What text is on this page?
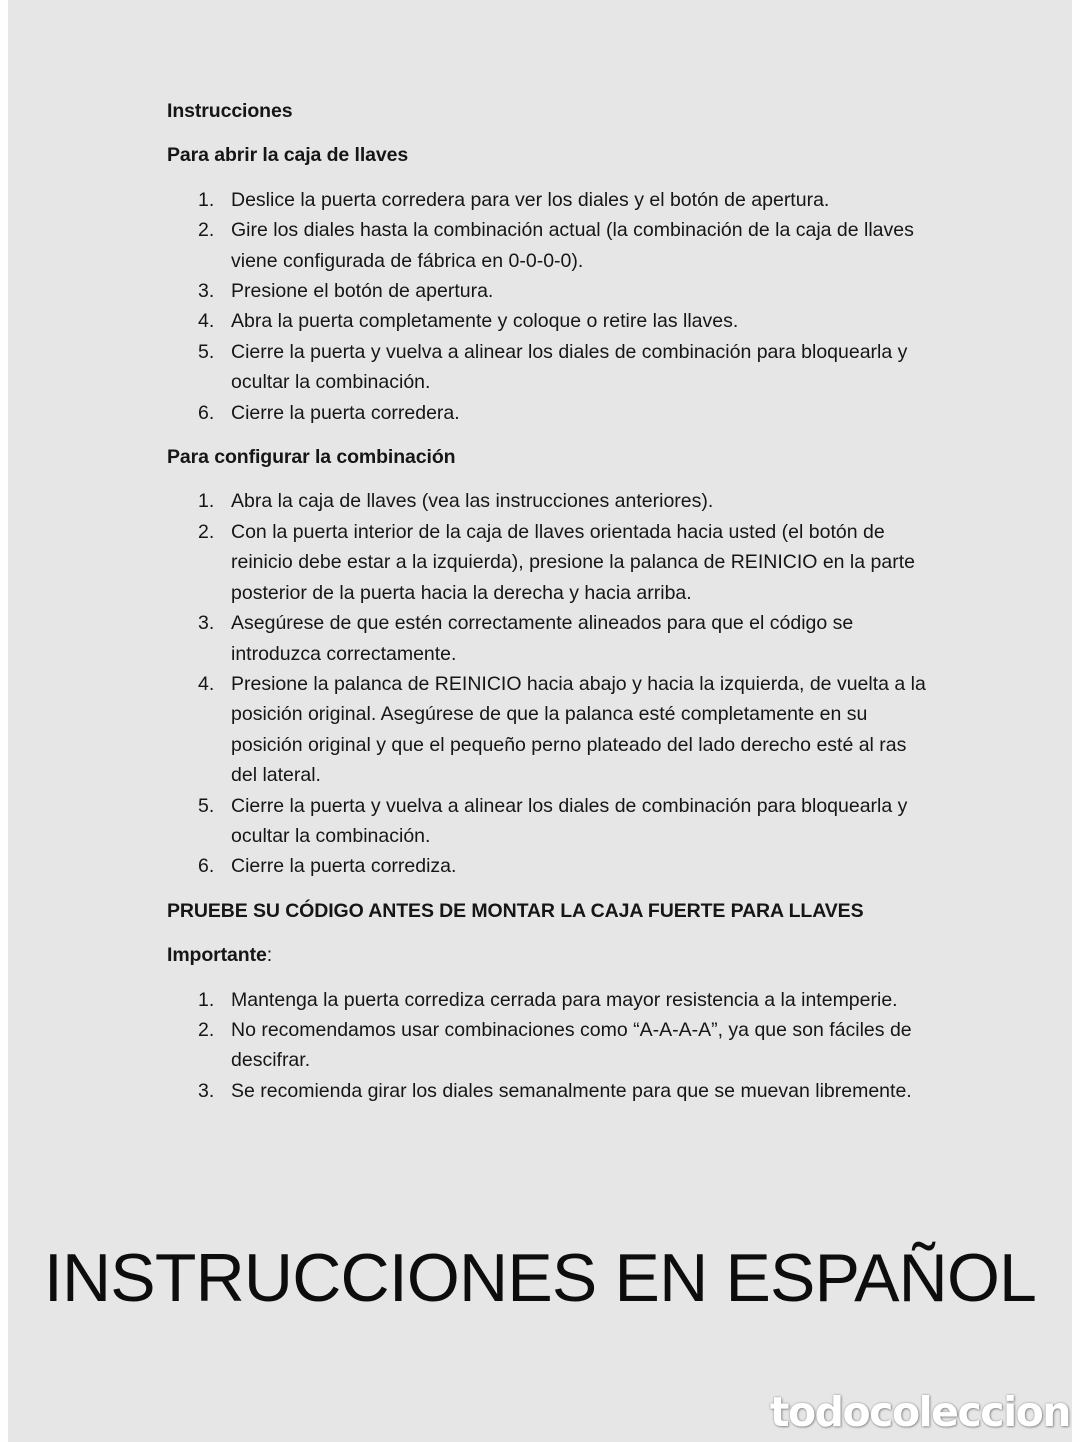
Instrucciones
Para abrir la caja de llaves
1. Deslice la puerta corredera para ver los diales y el botón de apertura.
2. Gire los diales hasta la combinación actual (la combinación de la caja de llaves viene configurada de fábrica en 0-0-0-0).
3. Presione el botón de apertura.
4. Abra la puerta completamente y coloque o retire las llaves.
5. Cierre la puerta y vuelva a alinear los diales de combinación para bloquearla y ocultar la combinación.
6. Cierre la puerta corredera.
Para configurar la combinación
1. Abra la caja de llaves (vea las instrucciones anteriores).
2. Con la puerta interior de la caja de llaves orientada hacia usted (el botón de reinicio debe estar a la izquierda), presione la palanca de REINICIO en la parte posterior de la puerta hacia la derecha y hacia arriba.
3. Asegúrese de que estén correctamente alineados para que el código se introduzca correctamente.
4. Presione la palanca de REINICIO hacia abajo y hacia la izquierda, de vuelta a la posición original. Asegúrese de que la palanca esté completamente en su posición original y que el pequeño perno plateado del lado derecho esté al ras del lateral.
5. Cierre la puerta y vuelva a alinear los diales de combinación para bloquearla y ocultar la combinación.
6. Cierre la puerta corrediza.
PRUEBE SU CÓDIGO ANTES DE MONTAR LA CAJA FUERTE PARA LLAVES
Importante:
1. Mantenga la puerta corrediza cerrada para mayor resistencia a la intemperie.
2. No recomendamos usar combinaciones como “A-A-A-A”, ya que son fáciles de descifrar.
3. Se recomienda girar los diales semanalmente para que se muevan libremente.
INSTRUCCIONES EN ESPAÑOL
todocoleccion
